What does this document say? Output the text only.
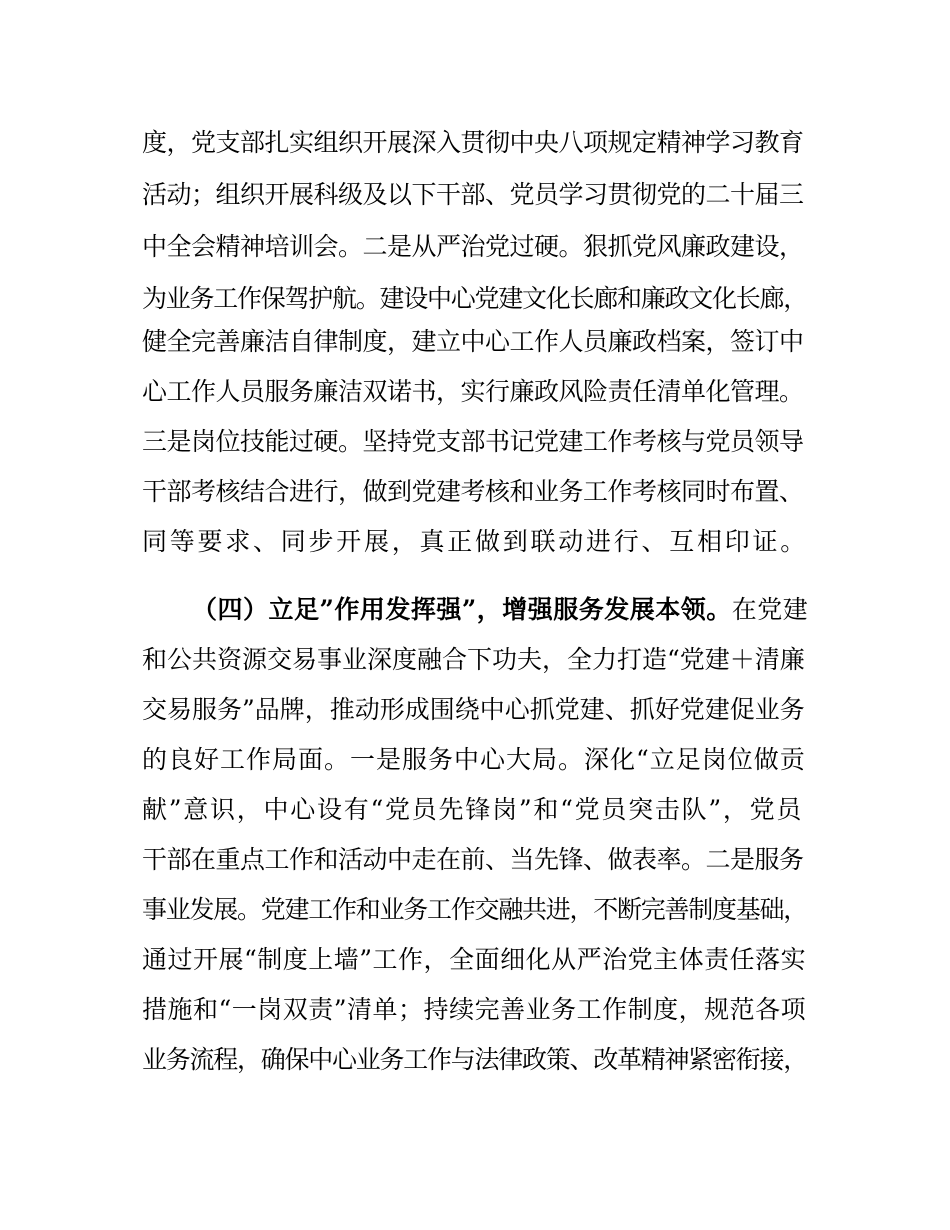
度，党支部扎实组织开展深入贯彻中央八项规定精神学习教育
活动；组织开展科级及以下干部、党员学习贯彻党的二十届三
中全会精神培训会。二是从严治党过硬。狠抓党风廉政建设，
为业务工作保驾护航。建设中心党建文化长廊和廉政文化长廊，
健全完善廉洁自律制度，建立中心工作人员廉政档案，签订中
心工作人员服务廉洁双诺书，实行廉政风险责任清单化管理。
三是岗位技能过硬。坚持党支部书记党建工作考核与党员领导
干部考核结合进行，做到党建考核和业务工作考核同时布置、
同等要求、同步开展，真正做到联动进行、互相印证。
（四）立足”作用发挥强”，增强服务发展本领。在党建
和公共资源交易事业深度融合下功夫，全力打造“党建＋清廉
交易服务”品牌，推动形成围绕中心抓党建、抓好党建促业务
的良好工作局面。一是服务中心大局。深化“立足岗位做贡
献”意识，中心设有“党员先锋岗”和“党员突击队”，党员
干部在重点工作和活动中走在前、当先锋、做表率。二是服务
事业发展。党建工作和业务工作交融共进，不断完善制度基础，
通过开展“制度上墙”工作，全面细化从严治党主体责任落实
措施和“一岗双责”清单；持续完善业务工作制度，规范各项
业务流程，确保中心业务工作与法律政策、改革精神紧密衔接，
